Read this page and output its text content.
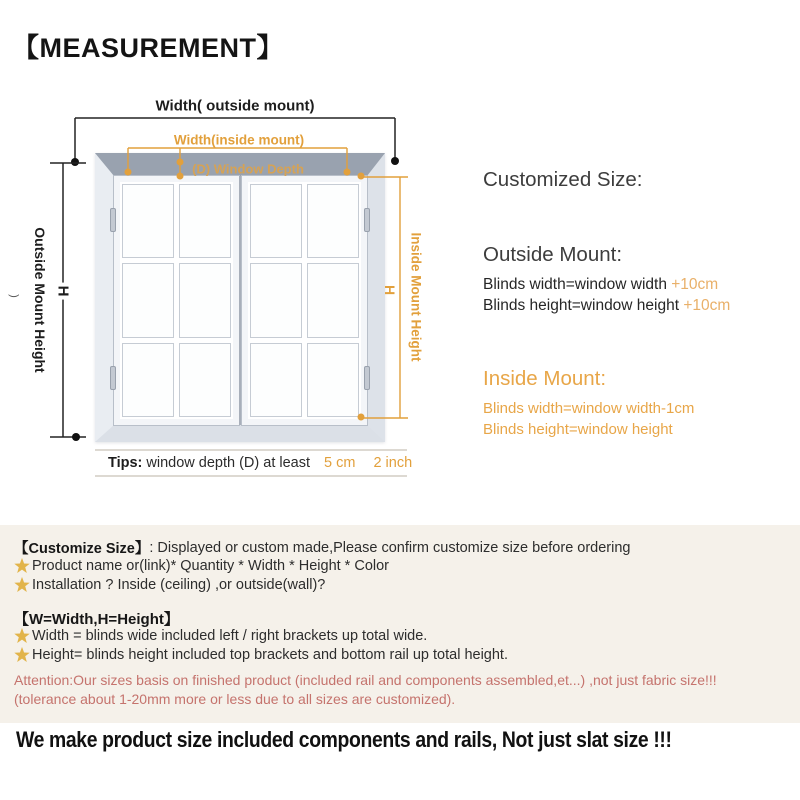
【MEASUREMENT】
Width( outside mount)
Width(inside mount)
(D) Window Depth
Outside Mount Height H	Inside Mount Height
H
)
Tips: window depth (D) at least 5 cm 2 inch
Customized Size:
Outside Mount:
Blinds width=window width +10cm
Blinds height=window height +10cm
Inside Mount:
Blinds width=window width-1cm
Blinds height=window height
【Customize Size】 : Displayed or custom made,Please confirm customize size before ordering
Product name or(link)* Quantity * Width * Height * Color
Installation ? Inside (ceiling) ,or outside(wall)?
【W=Width,H=Height】
Width = blinds wide included left / right brackets up total wide.
Height= blinds height included top brackets and bottom rail up total height.
Attention:Our sizes basis on finished product (included rail and components assembled,et...) ,not just fabric size!!!
(tolerance about 1-20mm more or less due to all sizes are customized).
We make product size included components and rails, Not just slat size !!!
